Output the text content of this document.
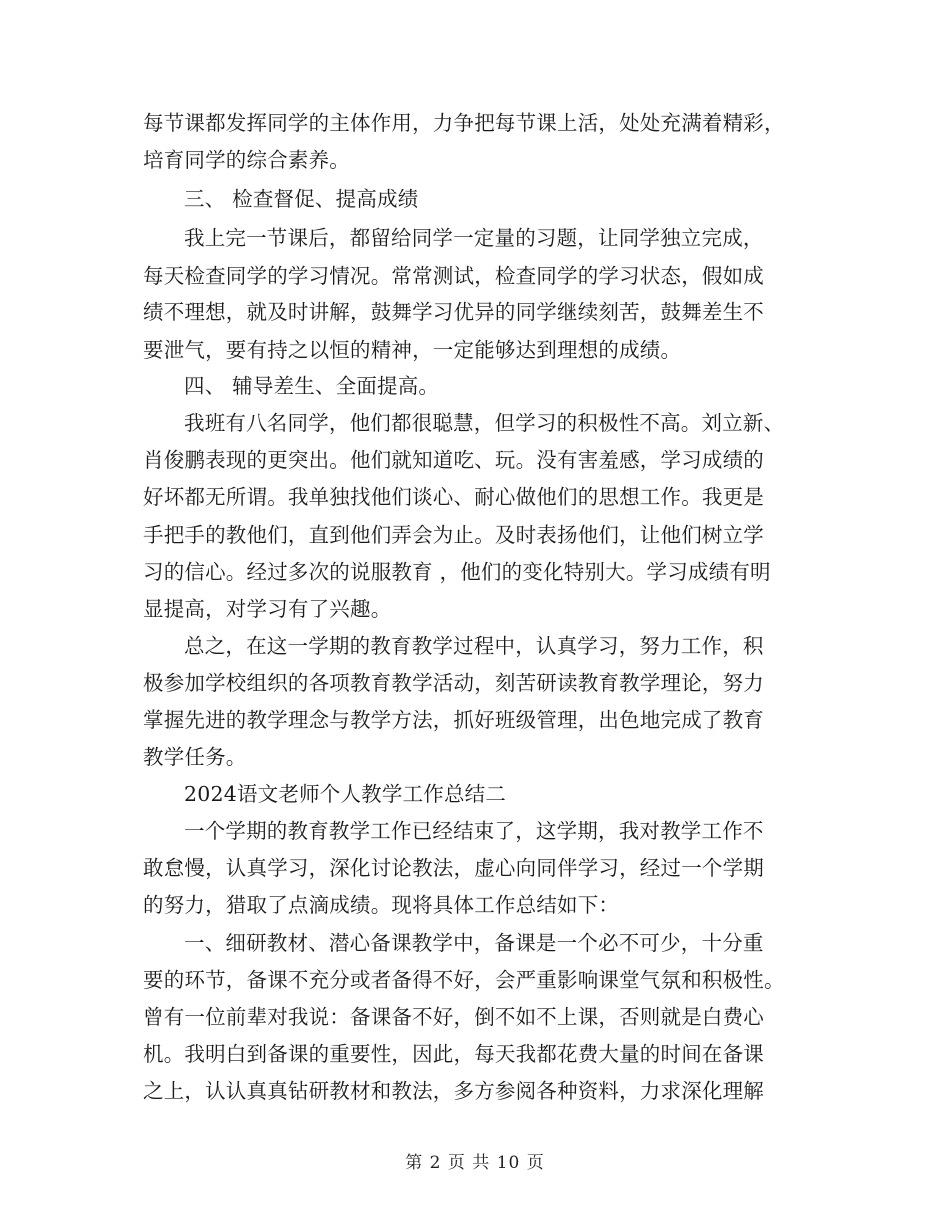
每节课都发挥同学的主体作用，力争把每节课上活，处处充满着精彩，
培育同学的综合素养。
三、 检查督促、提高成绩
我上完一节课后，都留给同学一定量的习题，让同学独立完成，
每天检查同学的学习情况。常常测试，检查同学的学习状态，假如成
绩不理想，就及时讲解，鼓舞学习优异的同学继续刻苦，鼓舞差生不
要泄气，要有持之以恒的精神，一定能够达到理想的成绩。
四、 辅导差生、全面提高。
我班有八名同学，他们都很聪慧，但学习的积极性不高。刘立新、
肖俊鹏表现的更突出。他们就知道吃、玩。没有害羞感，学习成绩的
好坏都无所谓。我单独找他们谈心、耐心做他们的思想工作。我更是
手把手的教他们，直到他们弄会为止。及时表扬他们，让他们树立学
习的信心。经过多次的说服教育 ，他们的变化特别大。学习成绩有明
显提高，对学习有了兴趣。
总之，在这一学期的教育教学过程中，认真学习，努力工作，积
极参加学校组织的各项教育教学活动，刻苦研读教育教学理论，努力
掌握先进的教学理念与教学方法，抓好班级管理，出色地完成了教育
教学任务。
2024语文老师个人教学工作总结二
一个学期的教育教学工作已经结束了，这学期，我对教学工作不
敢怠慢，认真学习，深化讨论教法，虚心向同伴学习，经过一个学期
的努力，猎取了点滴成绩。现将具体工作总结如下：
一、细研教材、潜心备课教学中，备课是一个必不可少，十分重
要的环节，备课不充分或者备得不好，会严重影响课堂气氛和积极性。
曾有一位前辈对我说：备课备不好，倒不如不上课，否则就是白费心
机。我明白到备课的重要性，因此，每天我都花费大量的时间在备课
之上，认认真真钻研教材和教法，多方参阅各种资料，力求深化理解
第 2 页 共 10 页
